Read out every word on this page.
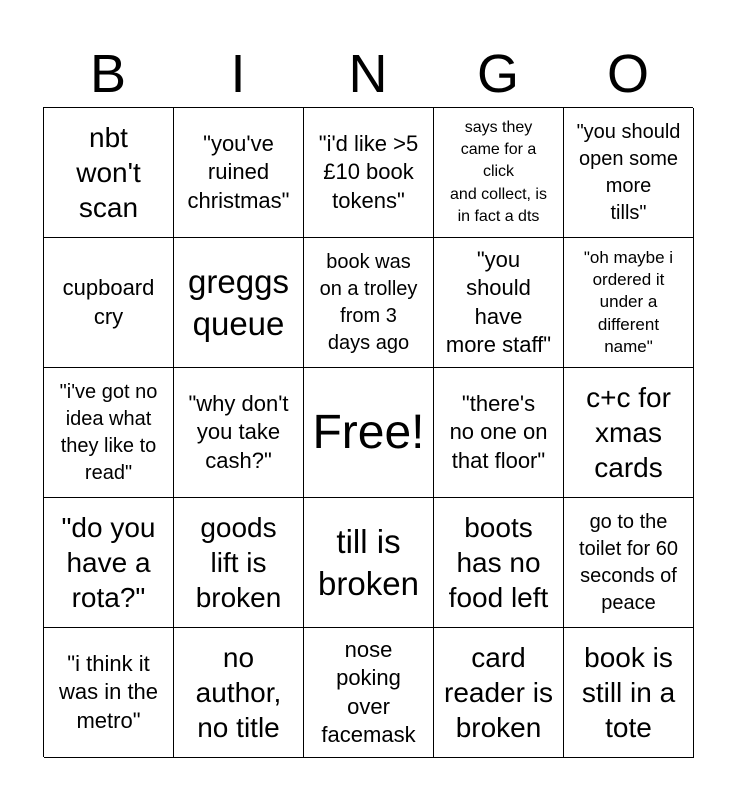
B	I	N	G	O
nbt
won't
scan
"you've
ruined
christmas"
"i'd like >5
£10 book
tokens"
says they
came for a
click
and collect, is
in fact a dts
"you should
open some
more
tills"
cupboard
cry
greggs
queue
book was
on a trolley
from 3
days ago
"you
should
have
more staff"
"oh maybe i
ordered it
under a
different
name"
"i've got no
idea what
they like to
read"
"why don't
you take
cash?"
Free!
"there's
no one on
that floor"
c+c for
xmas
cards
"do you
have a
rota?"
goods
lift is
broken
till is
broken
boots
has no
food left
go to the
toilet for 60
seconds of
peace
"i think it
was in the
metro"
no
author,
no title
nose
poking
over
facemask
card
reader is
broken
book is
still in a
tote
